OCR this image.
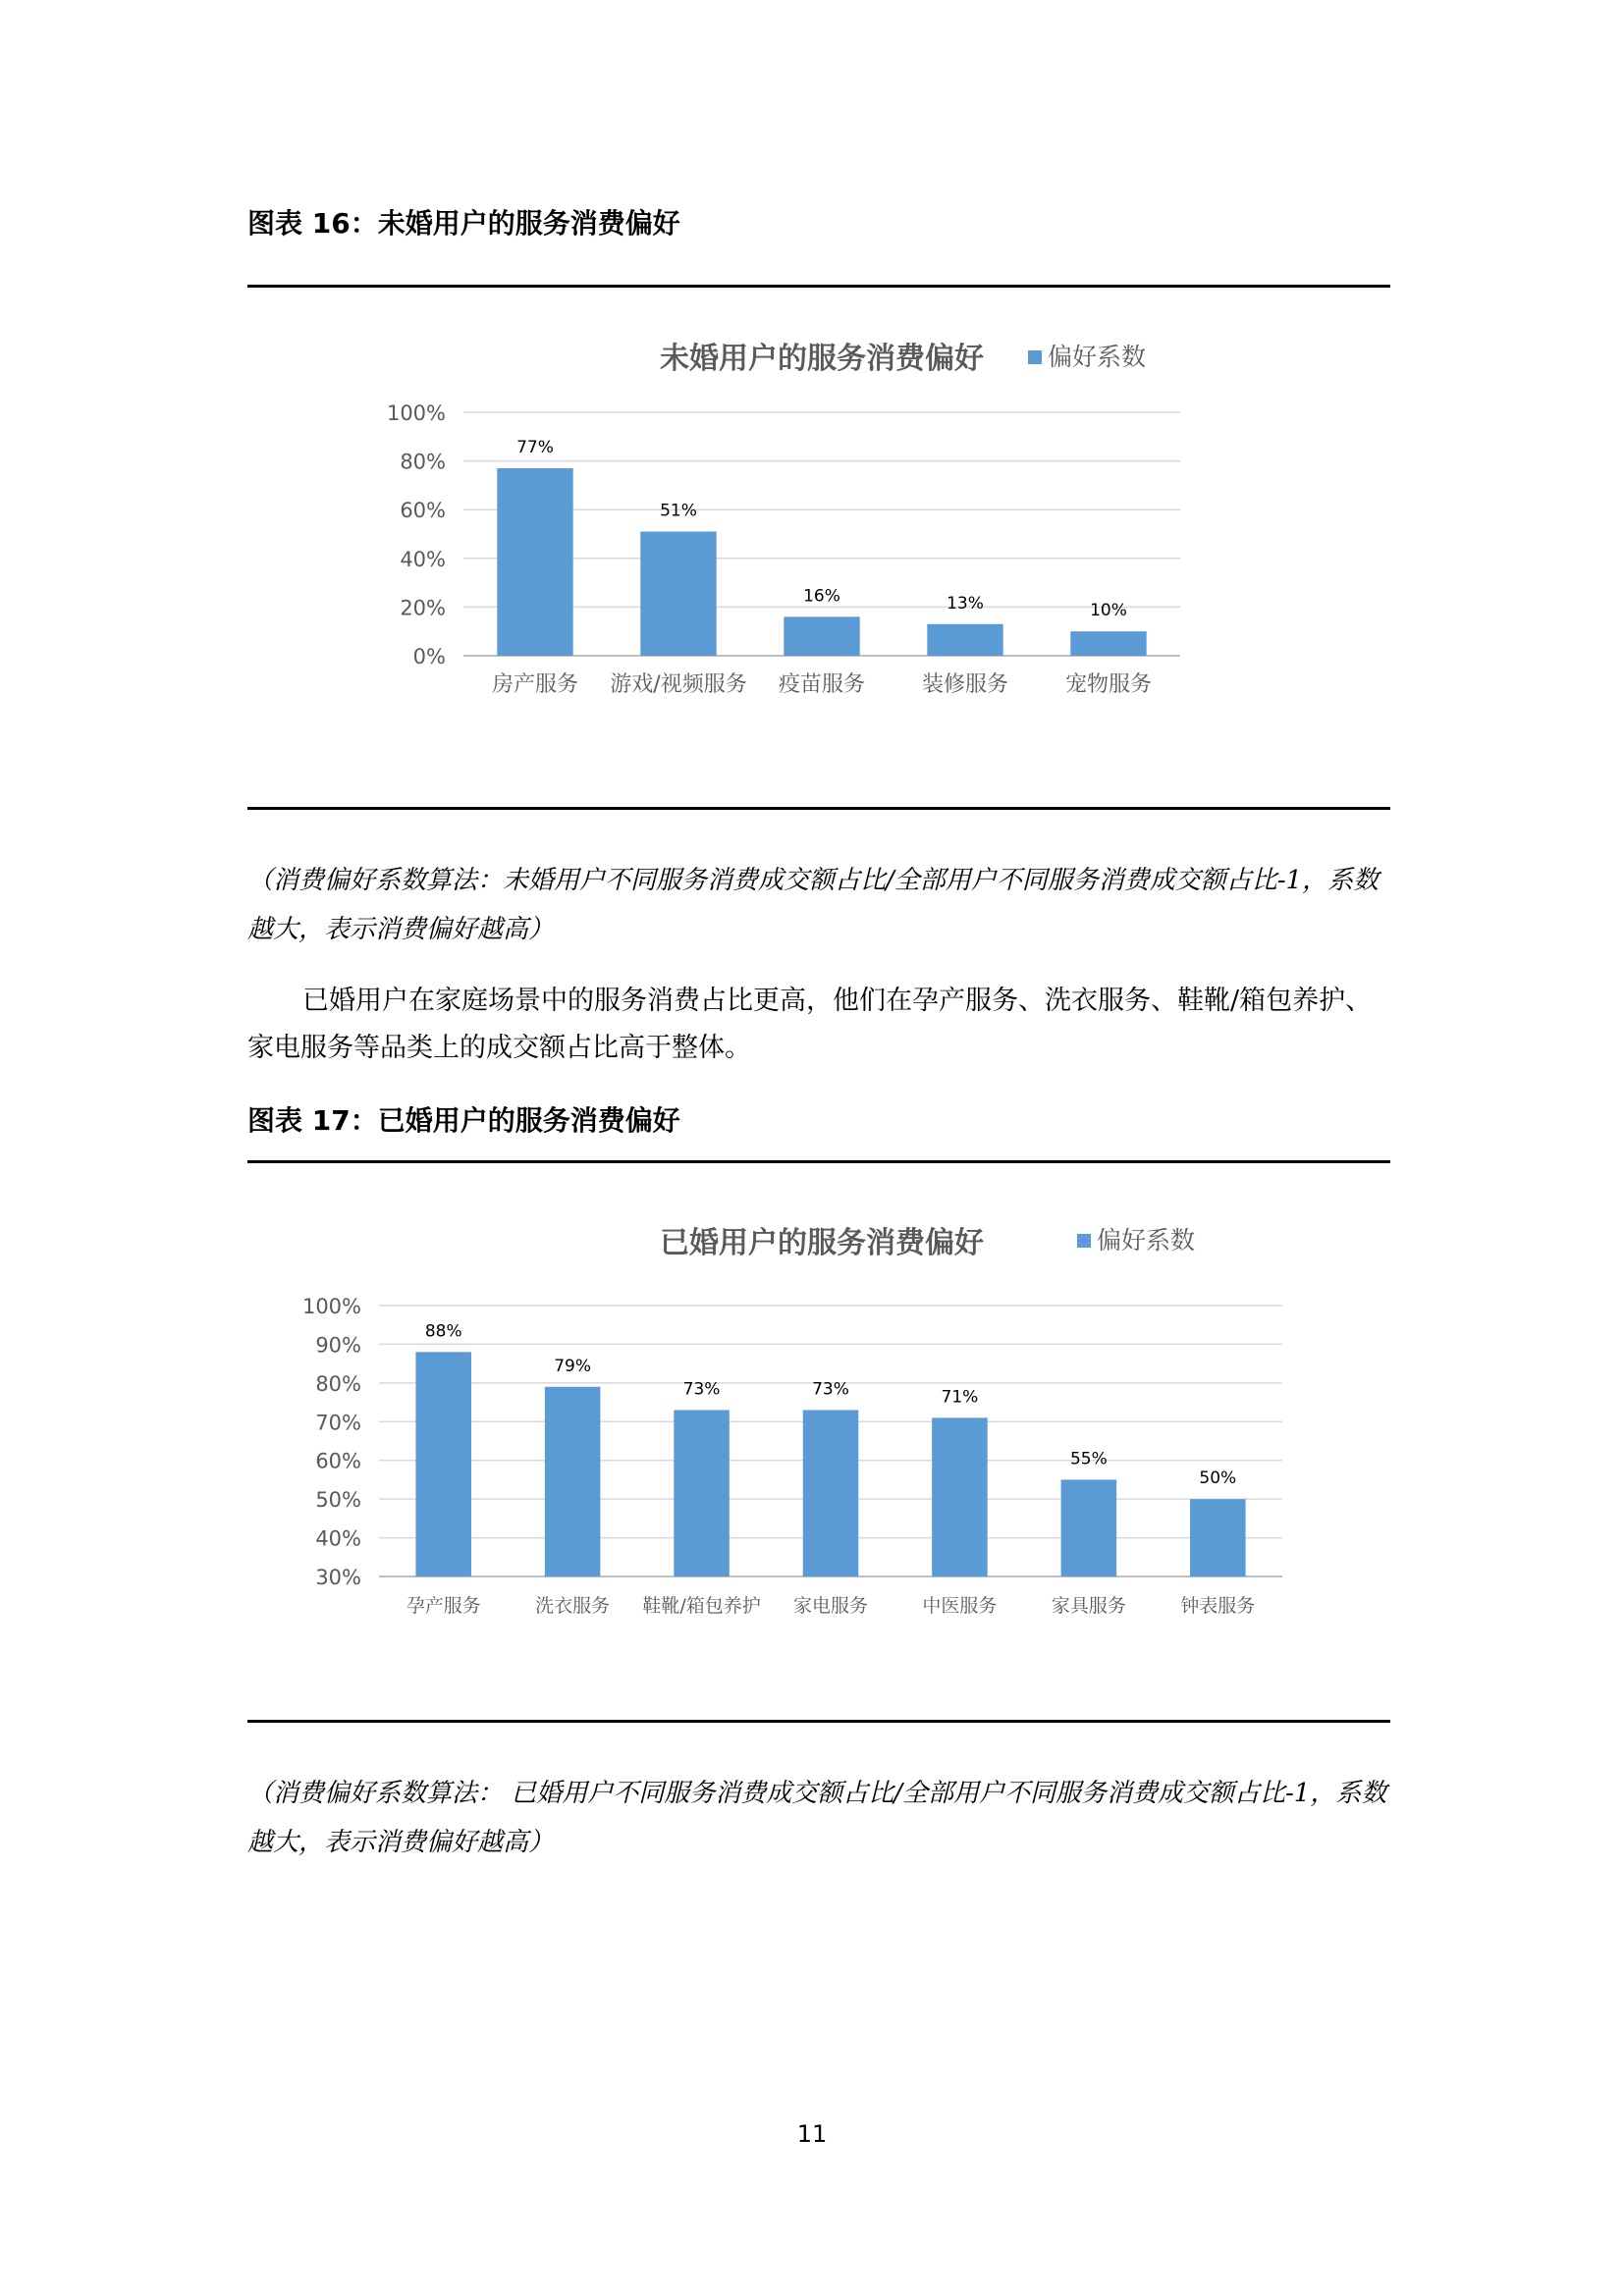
图表 16：未婚用户的服务消费偏好
未婚用户的服务消费偏好	偏好系数
0%
20%
40%
60%
80%
100%
77%
房产服务
51%
游戏/视频服务
16%
疫苗服务
13%
装修服务
10%
宠物服务
（消费偏好系数算法：未婚用户不同服务消费成交额占比/全部用户不同服务消费成交额占比-1，系数越大，表示消费偏好越高）
已婚用户在家庭场景中的服务消费占比更高，他们在孕产服务、洗衣服务、鞋靴/箱包养护、家电服务等品类上的成交额占比高于整体。
图表 17：已婚用户的服务消费偏好
已婚用户的服务消费偏好	偏好系数
30%
40%
50%
60%
70%
80%
90%
100%
88%
孕产服务
79%
洗衣服务
73%
鞋靴/箱包养护
73%
家电服务
71%
中医服务
55%
家具服务
50%
钟表服务
（消费偏好系数算法： 已婚用户不同服务消费成交额占比/全部用户不同服务消费成交额占比-1，系数越大，表示消费偏好越高）
11
